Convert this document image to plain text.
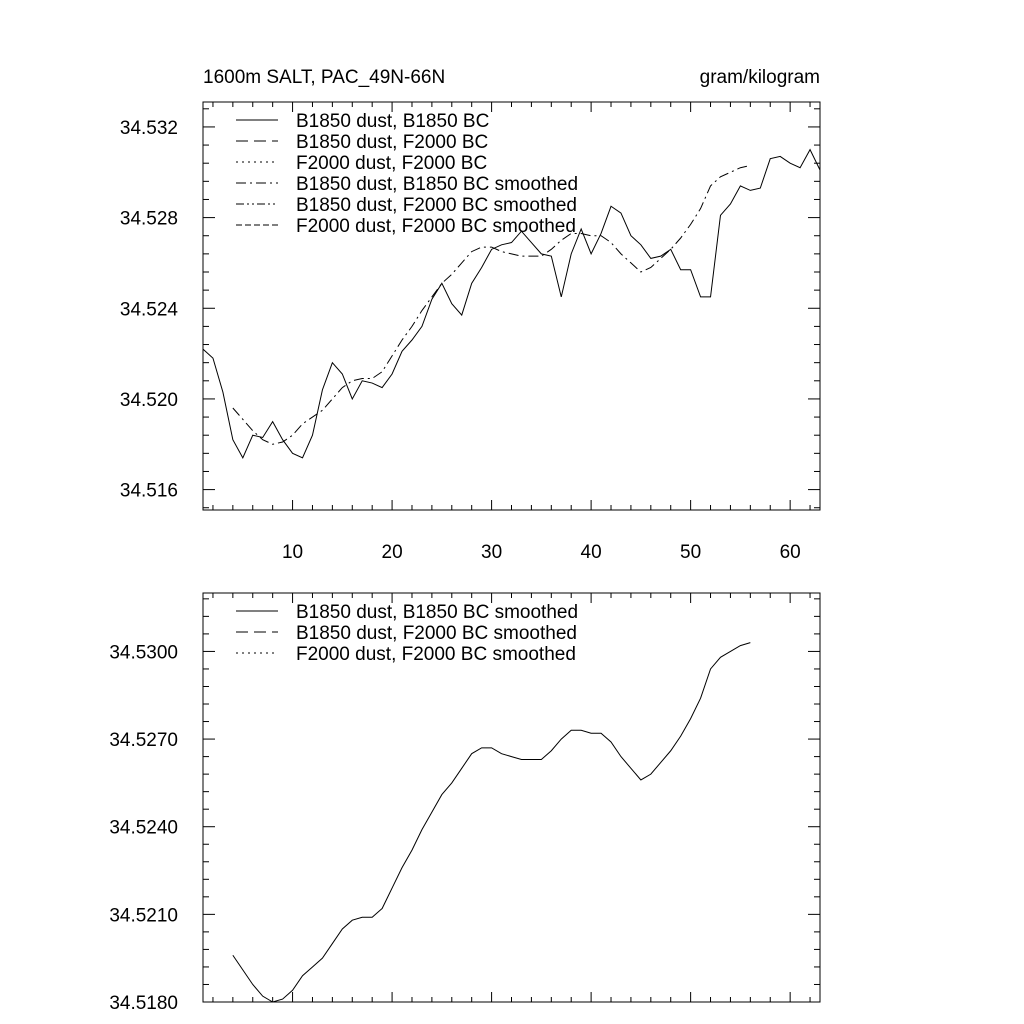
1600m SALT, PAC_49N-66N	gram/kilogram
10	20	30	40	50	60
34.516
34.520
34.524
34.528
34.532	B1850 dust, B1850 BC
B1850 dust, F2000 BC
F2000 dust, F2000 BC
B1850 dust, B1850 BC smoothed
B1850 dust, F2000 BC smoothed
F2000 dust, F2000 BC smoothed
34.5180
34.5210
34.5240
34.5270
34.5300
B1850 dust, B1850 BC smoothed
B1850 dust, F2000 BC smoothed
F2000 dust, F2000 BC smoothed
